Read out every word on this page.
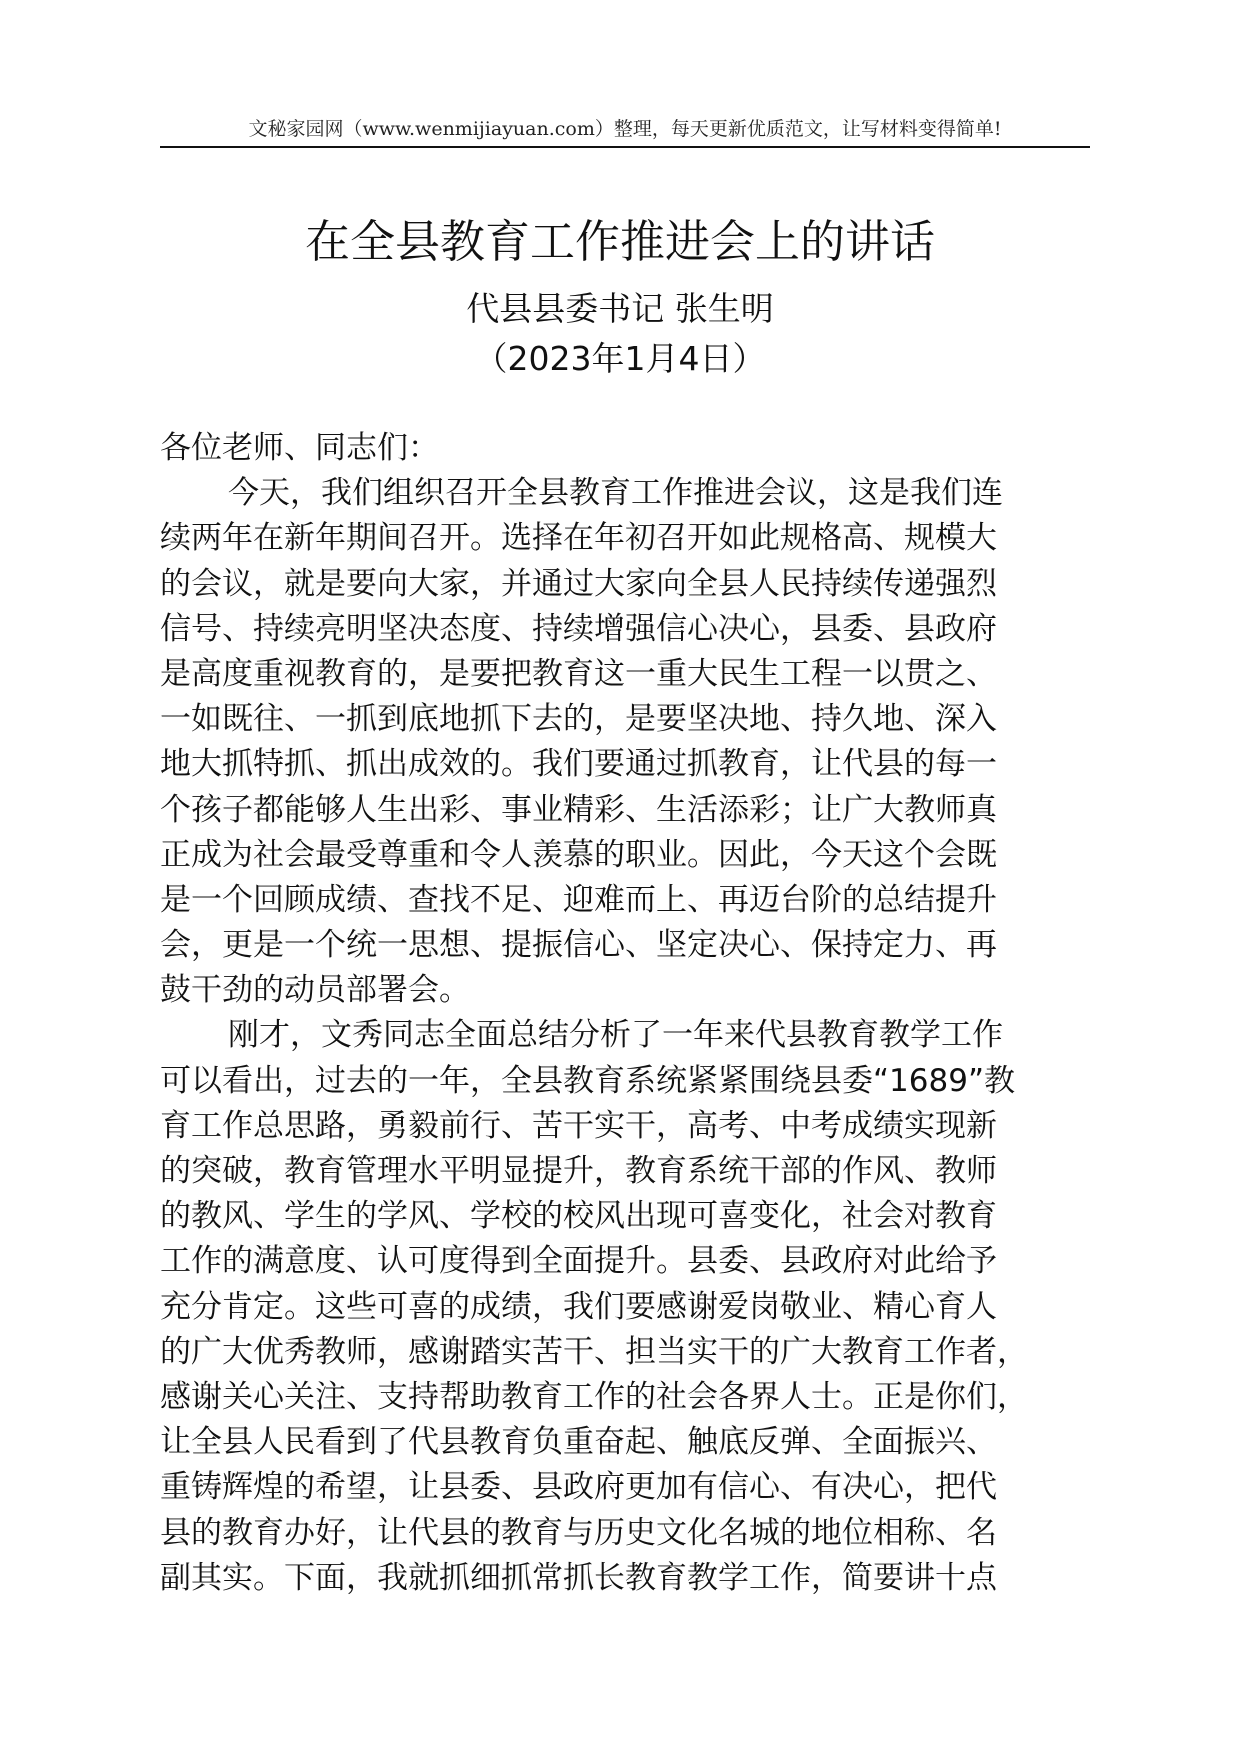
文秘家园网（www.wenmijiayuan.com）整理，每天更新优质范文，让写材料变得简单!
在全县教育工作推进会上的讲话
代县县委书记 张生明
（2023年1月4日）
各位老师、同志们：
今天，我们组织召开全县教育工作推进会议，这是我们连
续两年在新年期间召开。选择在年初召开如此规格高、规模大
的会议，就是要向大家，并通过大家向全县人民持续传递强烈
信号、持续亮明坚决态度、持续增强信心决心，县委、县政府
是高度重视教育的，是要把教育这一重大民生工程一以贯之、
一如既往、一抓到底地抓下去的，是要坚决地、持久地、深入
地大抓特抓、抓出成效的。我们要通过抓教育，让代县的每一
个孩子都能够人生出彩、事业精彩、生活添彩；让广大教师真
正成为社会最受尊重和令人羡慕的职业。因此，今天这个会既
是一个回顾成绩、查找不足、迎难而上、再迈台阶的总结提升
会，更是一个统一思想、提振信心、坚定决心、保持定力、再
鼓干劲的动员部署会。
刚才，文秀同志全面总结分析了一年来代县教育教学工作
可以看出，过去的一年，全县教育系统紧紧围绕县委“1689”教
育工作总思路，勇毅前行、苦干实干，高考、中考成绩实现新
的突破，教育管理水平明显提升，教育系统干部的作风、教师
的教风、学生的学风、学校的校风出现可喜变化，社会对教育
工作的满意度、认可度得到全面提升。县委、县政府对此给予
充分肯定。这些可喜的成绩，我们要感谢爱岗敬业、精心育人
的广大优秀教师，感谢踏实苦干、担当实干的广大教育工作者，
感谢关心关注、支持帮助教育工作的社会各界人士。正是你们，
让全县人民看到了代县教育负重奋起、触底反弹、全面振兴、
重铸辉煌的希望，让县委、县政府更加有信心、有决心，把代
县的教育办好，让代县的教育与历史文化名城的地位相称、名
副其实。下面，我就抓细抓常抓长教育教学工作，简要讲十点
